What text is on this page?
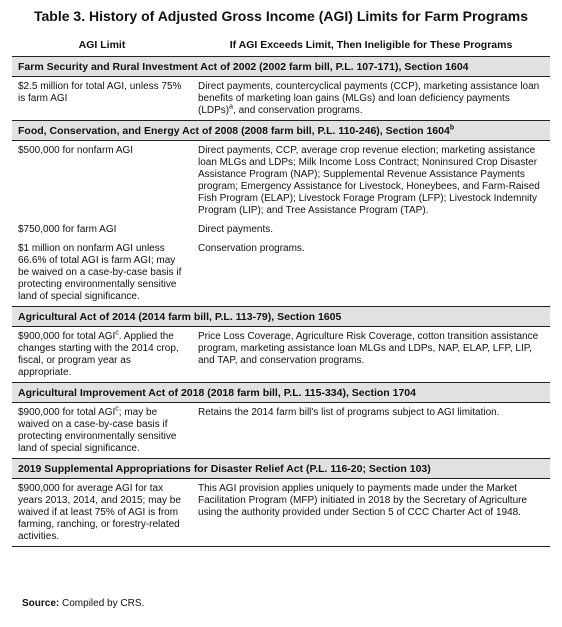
Table 3. History of Adjusted Gross Income (AGI) Limits for Farm Programs
AGI Limit	If AGI Exceeds Limit, Then Ineligible for These Programs
Farm Security and Rural Investment Act of 2002 (2002 farm bill, P.L. 107-171), Section 1604	
$2.5 million for total AGI, unless 75% is farm AGI	Direct payments, countercyclical payments (CCP), marketing assistance loan benefits of marketing loan gains (MLGs) and loan deficiency payments (LDPs)$^a$, and conservation programs.
Food, Conservation, and Energy Act of 2008 (2008 farm bill, P.L. 110-246), Section 1604$^b$
$500,000 for nonfarm AGI	Direct payments, CCP, average crop revenue election; marketing assistance loan MLGs and LDPs; Milk Income Loss Contract; Noninsured Crop Disaster Assistance Program (NAP); Supplemental Revenue Assistance Payments program; Emergency Assistance for Livestock, Honeybees, and Farm-Raised Fish Program (ELAP); Livestock Forage Program (LFP); Livestock Indemnity Program (LIP); and Tree Assistance Program (TAP).
$750,000 for farm AGI	Direct payments.
$1 million on nonfarm AGI unless 66.6% of total AGI is farm AGI; may be waived on a case-by-case basis if protecting environmentally sensitive land of special significance.	Conservation programs.
Agricultural Act of 2014 (2014 farm bill, P.L. 113-79), Section 1605	
$900,000 for total AGI$^c$. Applied the changes starting with the 2014 crop, fiscal, or program year as appropriate.	Price Loss Coverage, Agriculture Risk Coverage, cotton transition assistance program, marketing assistance loan MLGs and LDPs, NAP, ELAP, LFP, LIP, and TAP, and conservation programs.
Agricultural Improvement Act of 2018 (2018 farm bill, P.L. 115-334), Section 1704	
$900,000 for total AGI$^c$; may be waived on a case-by-case basis if protecting environmentally sensitive land of special significance.	Retains the 2014 farm bill's list of programs subject to AGI limitation.
2019 Supplemental Appropriations for Disaster Relief Act (P.L. 116-20; Section 103)	
$900,000 for average AGI for tax years 2013, 2014, and 2015; may be waived if at least 75% of AGI is from farming, ranching, or forestry-related activities.	This AGI provision applies uniquely to payments made under the Market Facilitation Program (MFP) initiated in 2018 by the Secretary of Agriculture using the authority provided under Section 5 of CCC Charter Act of 1948.
Source: Compiled by CRS.
